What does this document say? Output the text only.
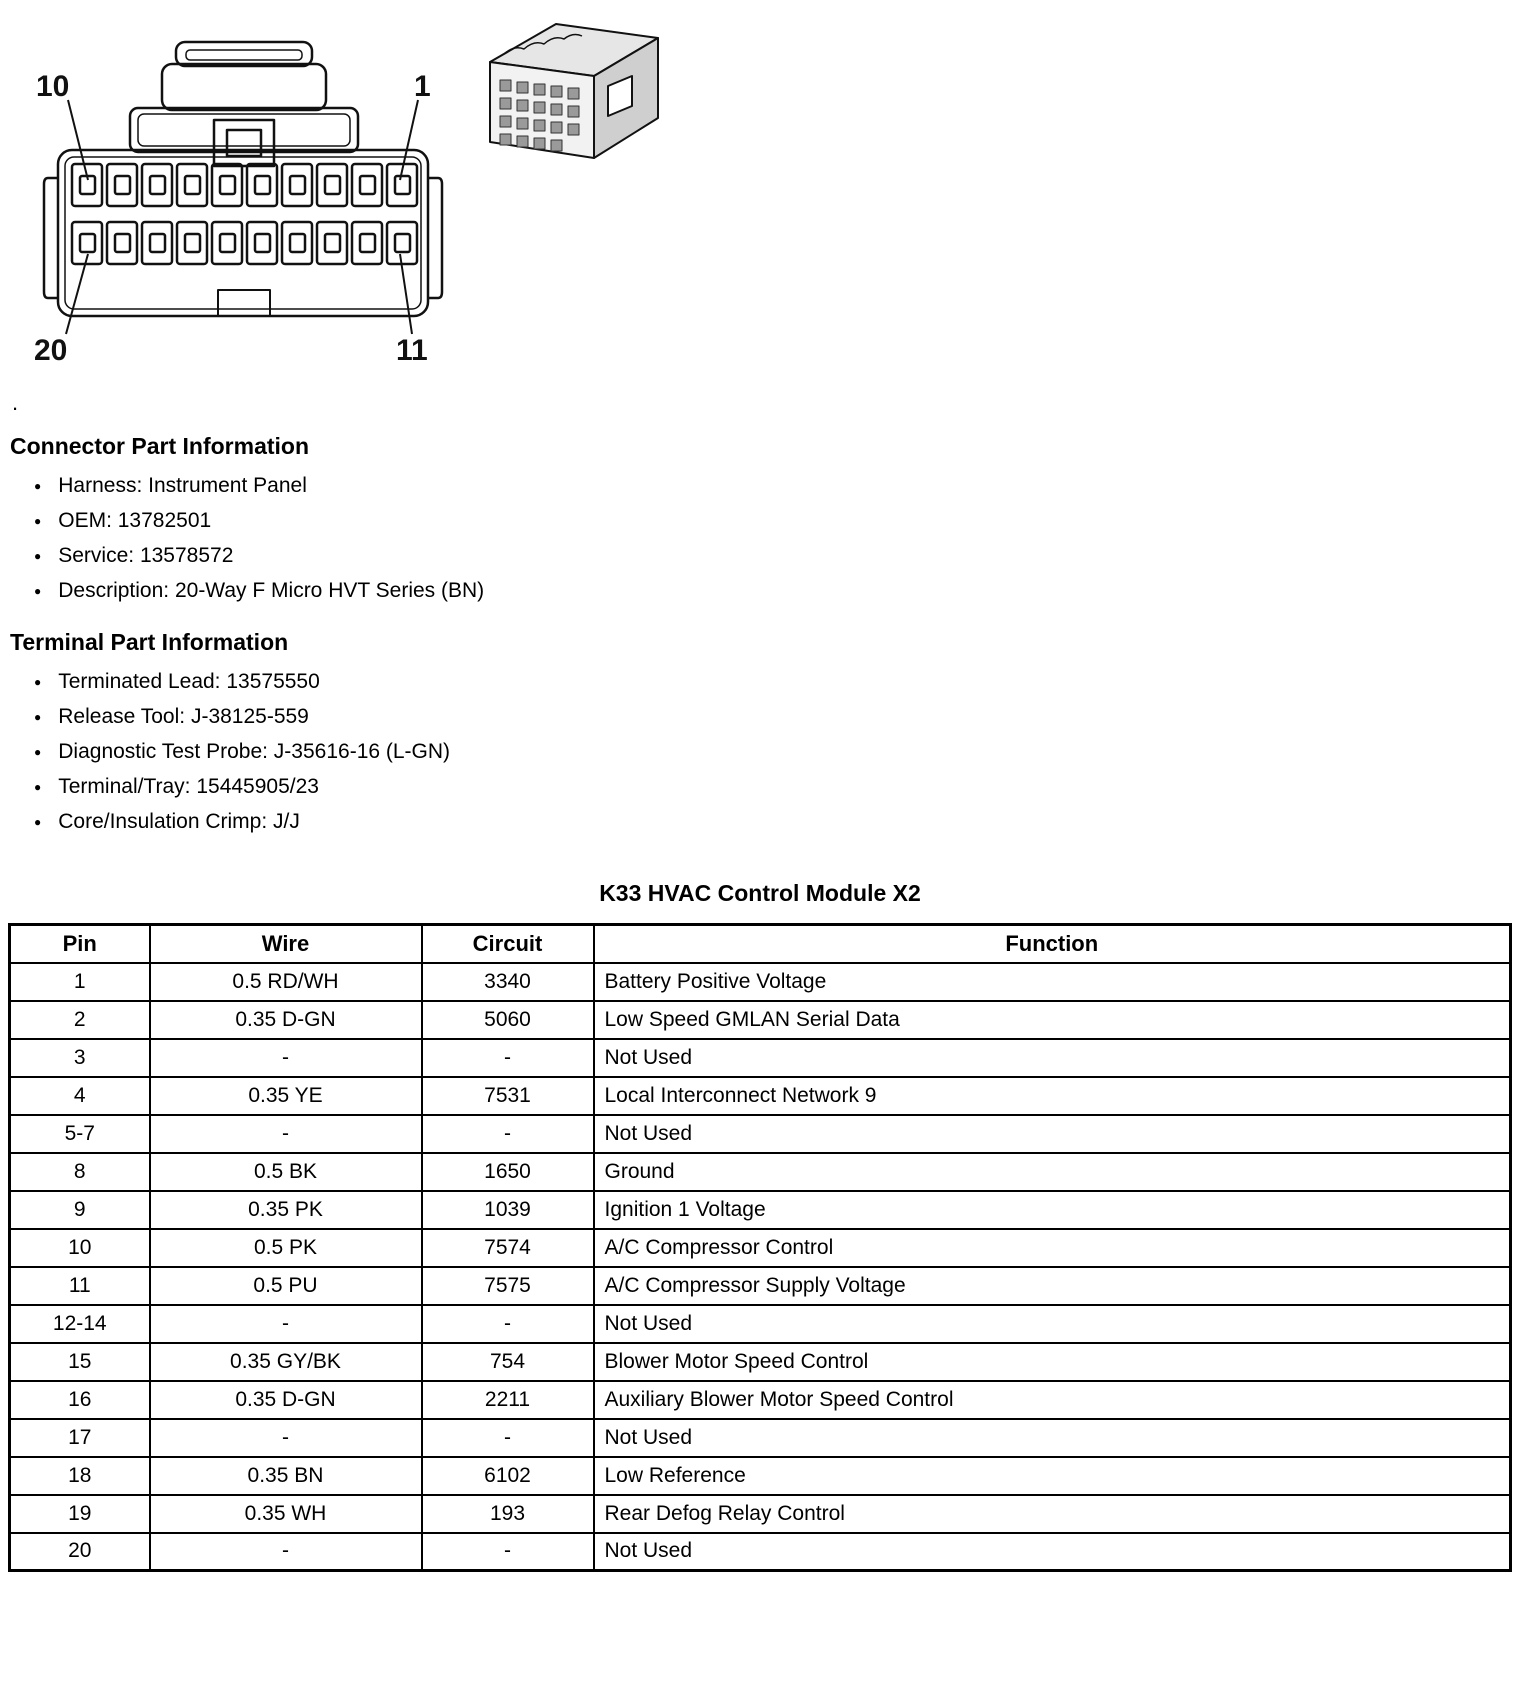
10	1
20	11
.
Connector Part Information
● Harness: Instrument Panel
● OEM: 13782501
● Service: 13578572
● Description: 20-Way F Micro HVT Series (BN)
Terminal Part Information
● Terminated Lead: 13575550
● Release Tool: J-38125-559
● Diagnostic Test Probe: J-35616-16 (L-GN)
● Terminal/Tray: 15445905/23
● Core/Insulation Crimp: J/J
K33 HVAC Control Module X2
Pin	Wire	Circuit	Function
1	0.5 RD/WH	3340	Battery Positive Voltage
2	0.35 D-GN	5060	Low Speed GMLAN Serial Data
3	-	-	Not Used
4	0.35 YE	7531	Local Interconnect Network 9
5-7	-	-	Not Used
8	0.5 BK	1650	Ground
9	0.35 PK	1039	Ignition 1 Voltage
10	0.5 PK	7574	A/C Compressor Control
11	0.5 PU	7575	A/C Compressor Supply Voltage
12-14	-	-	Not Used
15	0.35 GY/BK	754	Blower Motor Speed Control
16	0.35 D-GN	2211	Auxiliary Blower Motor Speed Control
17	-	-	Not Used
18	0.35 BN	6102	Low Reference
19	0.35 WH	193	Rear Defog Relay Control
20	-	-	Not Used
